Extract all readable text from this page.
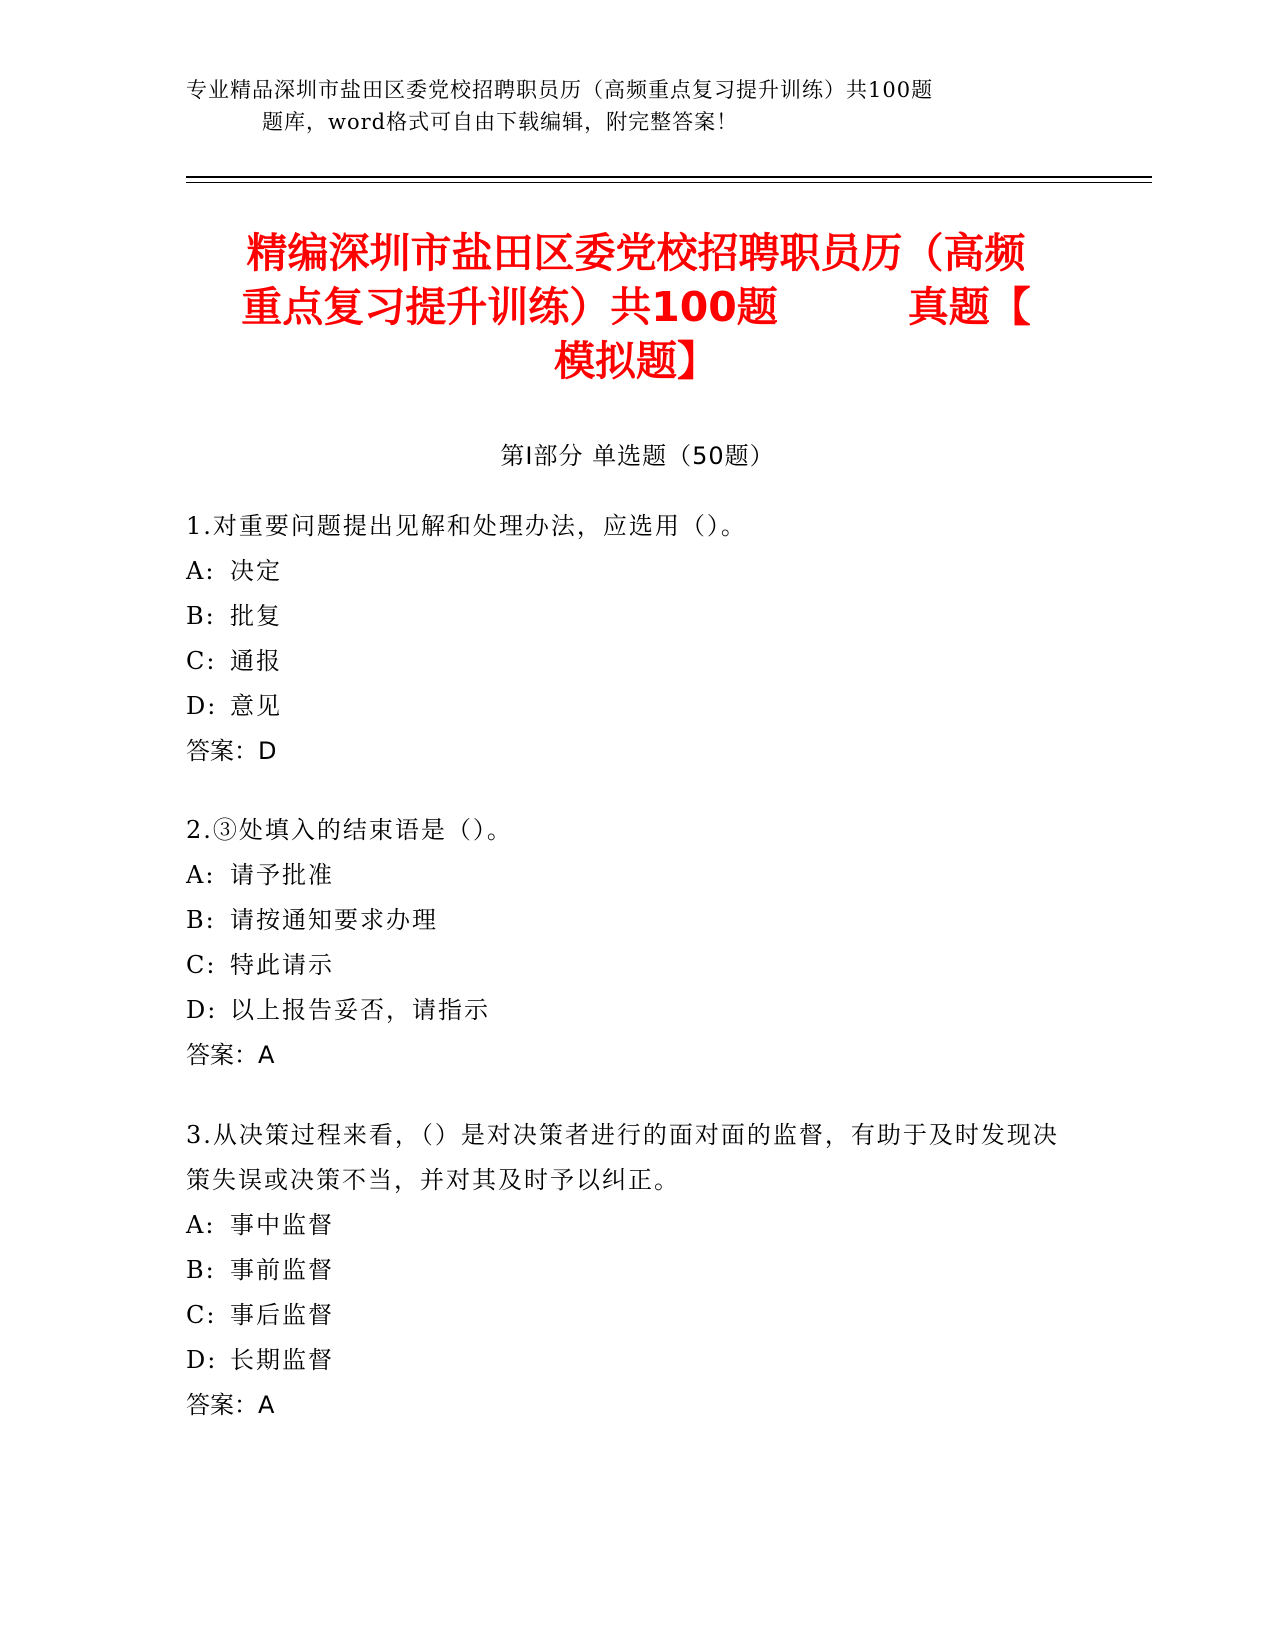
专业精品深圳市盐田区委党校招聘职员历（高频重点复习提升训练）共100题
题库，word格式可自由下载编辑，附完整答案！
精编深圳市盐田区委党校招聘职员历（高频
重点复习提升训练）共100题	真题【
模拟题】
第I部分 单选题（50题）

1.对重要问题提出见解和处理办法，应选用（）。

A: 决定

B: 批复

C: 通报

D: 意见

答案：D

2.③处填入的结束语是（）。

A: 请予批准

B: 请按通知要求办理

C: 特此请示

D: 以上报告妥否，请指示

答案：A

3.从决策过程来看，（）是对决策者进行的面对面的监督，有助于及时发现决策失误或决策不当，并对其及时予以纠正。

A: 事中监督

B: 事前监督

C: 事后监督

D: 长期监督

答案：A
